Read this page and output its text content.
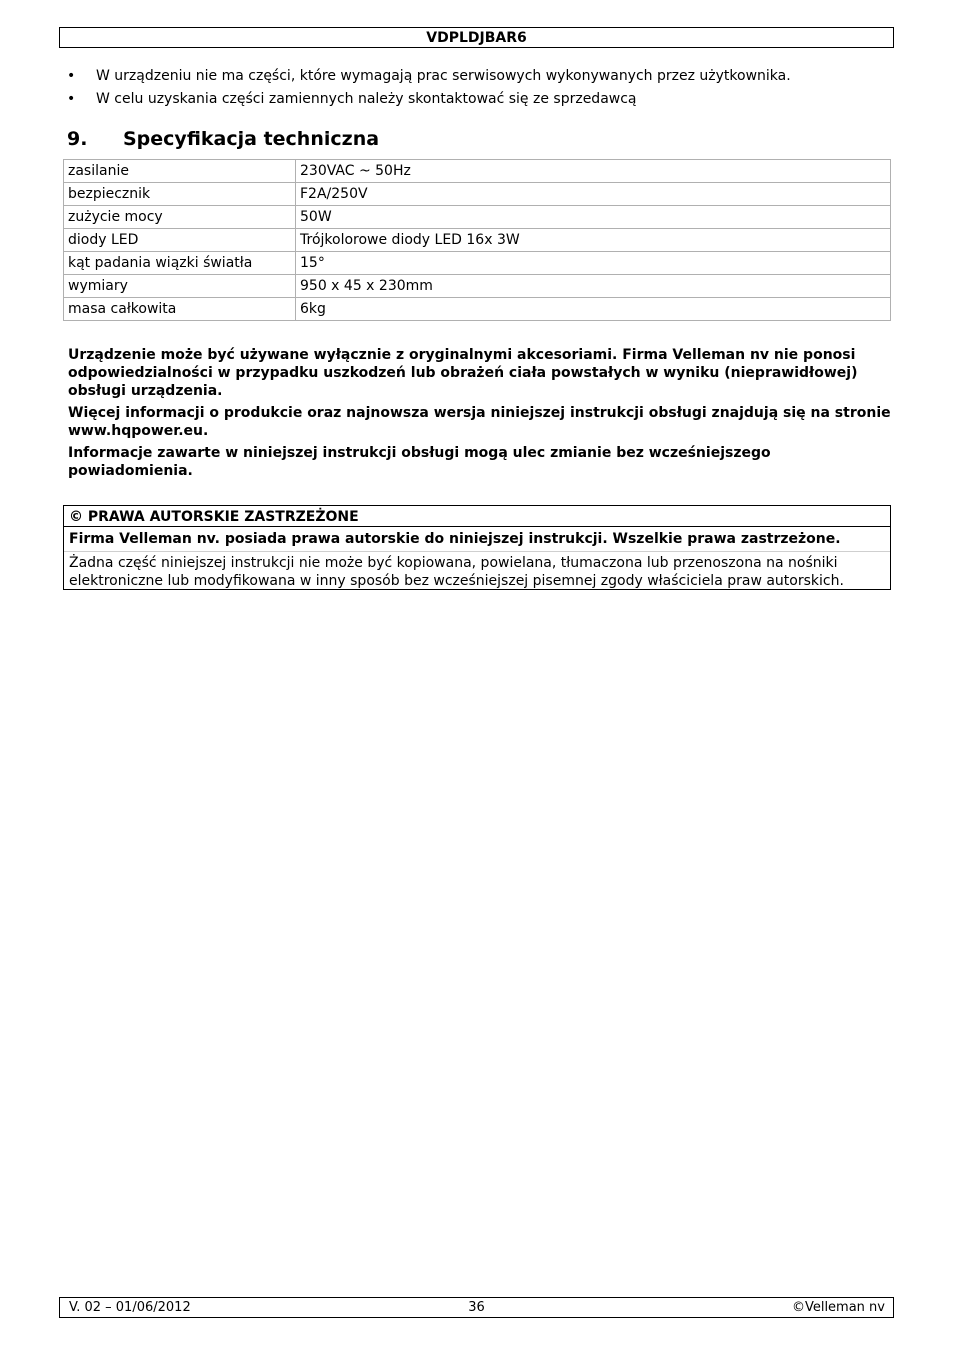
VDPLDJBAR6
• W urządzeniu nie ma części, które wymagają prac serwisowych wykonywanych przez użytkownika.
• W celu uzyskania części zamiennych należy skontaktować się ze sprzedawcą
9. Specyfikacja techniczna
zasilanie	230VAC ~ 50Hz
bezpiecznik	F2A/250V
zużycie mocy	50W
diody LED	Trójkolorowe diody LED 16x 3W
kąt padania wiązki światła	15°
wymiary	950 x 45 x 230mm
masa całkowita	6kg

Urządzenie może być używane wyłącznie z oryginalnymi akcesoriami. Firma Velleman nv nie ponosi odpowiedzialności w przypadku uszkodzeń lub obrażeń ciała powstałych w wyniku (nieprawidłowej) obsługi urządzenia.

Więcej informacji o produkcie oraz najnowsza wersja niniejszej instrukcji obsługi znajdują się na stronie www.hqpower.eu.

Informacje zawarte w niniejszej instrukcji obsługi mogą ulec zmianie bez wcześniejszego powiadomienia.

© PRAWA AUTORSKIE ZASTRZEŻONE
Firma Velleman nv. posiada prawa autorskie do niniejszej instrukcji. Wszelkie prawa zastrzeżone.
Żadna część niniejszej instrukcji nie może być kopiowana, powielana, tłumaczona lub przenoszona na nośniki elektroniczne lub modyfikowana w inny sposób bez wcześniejszej pisemnej zgody właściciela praw autorskich.
V. 02 – 01/06/2012	36	©Velleman nv
